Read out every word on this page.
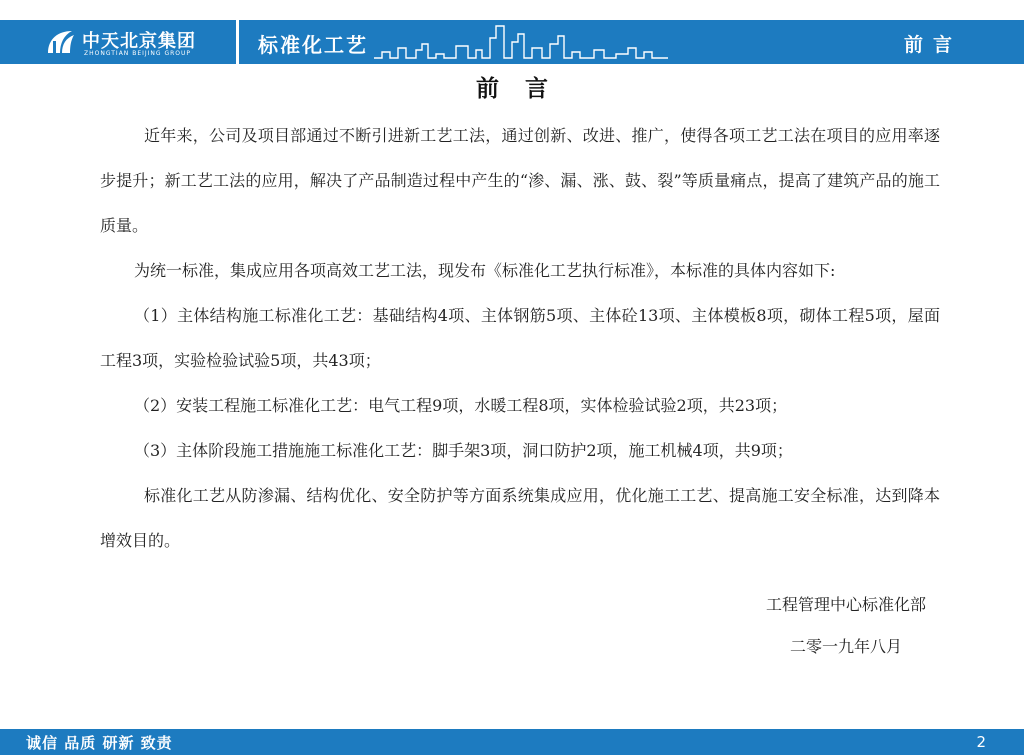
中天北京集团
ZHONGTIAN BEIJING GROUP	标准化工艺	前言
前言

近年来，公司及项目部通过不断引进新工艺工法，通过创新、改进、推广，使得各项工艺工法在项目的应用率逐步提升；新工艺工法的应用，解决了产品制造过程中产生的“渗、漏、涨、鼓、裂”等质量痛点，提高了建筑产品的施工质量。

为统一标准，集成应用各项高效工艺工法，现发布《标准化工艺执行标准》，本标准的具体内容如下:

（1）主体结构施工标准化工艺：基础结构4项、主体钢筋5项、主体砼13项、主体模板8项，砌体工程5项，屋面工程3项，实验检验试验5项，共43项；

（2）安装工程施工标准化工艺：电气工程9项，水暖工程8项，实体检验试验2项，共23项；

（3）主体阶段施工措施施工标准化工艺：脚手架3项，洞口防护2项，施工机械4项，共9项；

标准化工艺从防渗漏、结构优化、安全防护等方面系统集成应用，优化施工工艺、提高施工安全标准，达到降本增效目的。

工程管理中心标准化部
二零一九年八月
诚信 品质 研新 致责	2
